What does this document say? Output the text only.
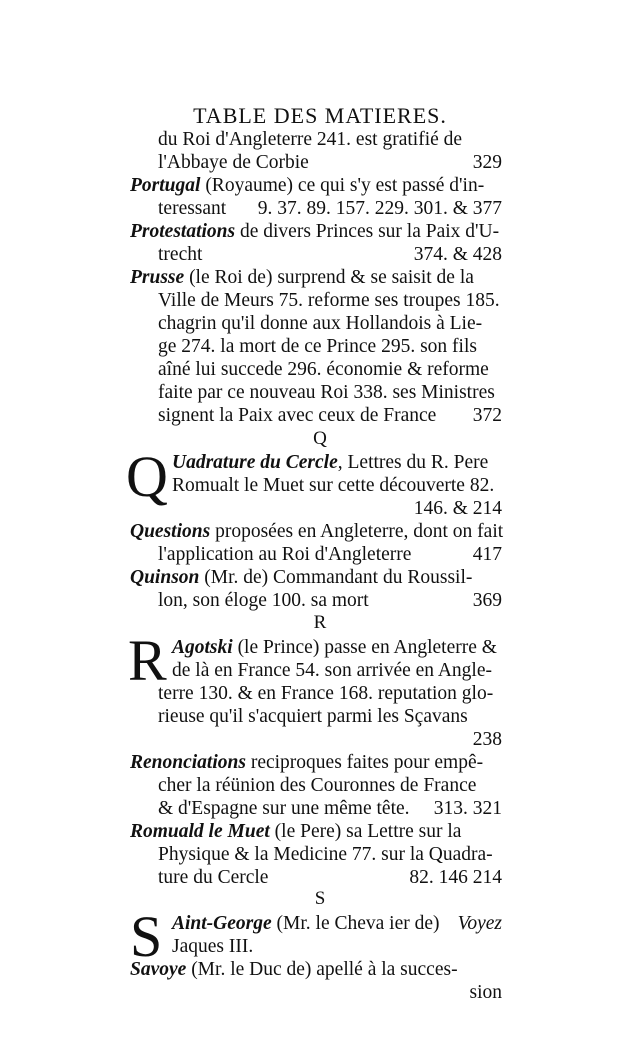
TABLE DES MATIERES.
du Roi d'Angleterre 241. est gratifié de
l'Abbaye de Corbie	329
Portugal (Royaume) ce qui s'y est passé d'in-
teressant 9. 37. 89. 157. 229. 301. & 377
Protestations de divers Princes sur la Paix d'U-
trecht	374. & 428
Prusse (le Roi de) surprend & se saisit de la
Ville de Meurs 75. reforme ses troupes 185.
chagrin qu'il donne aux Hollandois à Lie-
ge 274. la mort de ce Prince 295. son fils
aîné lui succede 296. économie & reforme
faite par ce nouveau Roi 338. ses Ministres
signent la Paix avec ceux de France 372
Q
Q Uadrature du Cercle, Lettres du R. Pere
Romualt le Muet sur cette découverte 82.
146. & 214
Questions proposées en Angleterre, dont on fait
l'application au Roi d'Angleterre	417
Quinson (Mr. de) Commandant du Roussil-
lon, son éloge 100. sa mort	369
R
R Agotski (le Prince) passe en Angleterre &
de là en France 54. son arrivée en Angle-
terre 130. & en France 168. reputation glo-
rieuse qu'il s'acquiert parmi les Sçavans
238
Renonciations reciproques faites pour empê-
cher la réünion des Couronnes de France
& d'Espagne sur une même tête. 313. 321
Romuald le Muet (le Pere) sa Lettre sur la
Physique & la Medicine 77. sur la Quadra-
ture du Cercle	82. 146 214
S
S Aint-George (Mr. le Cheva ier de) Voyez
Jaques III.
Savoye (Mr. le Duc de) apellé à la succes-
sion
